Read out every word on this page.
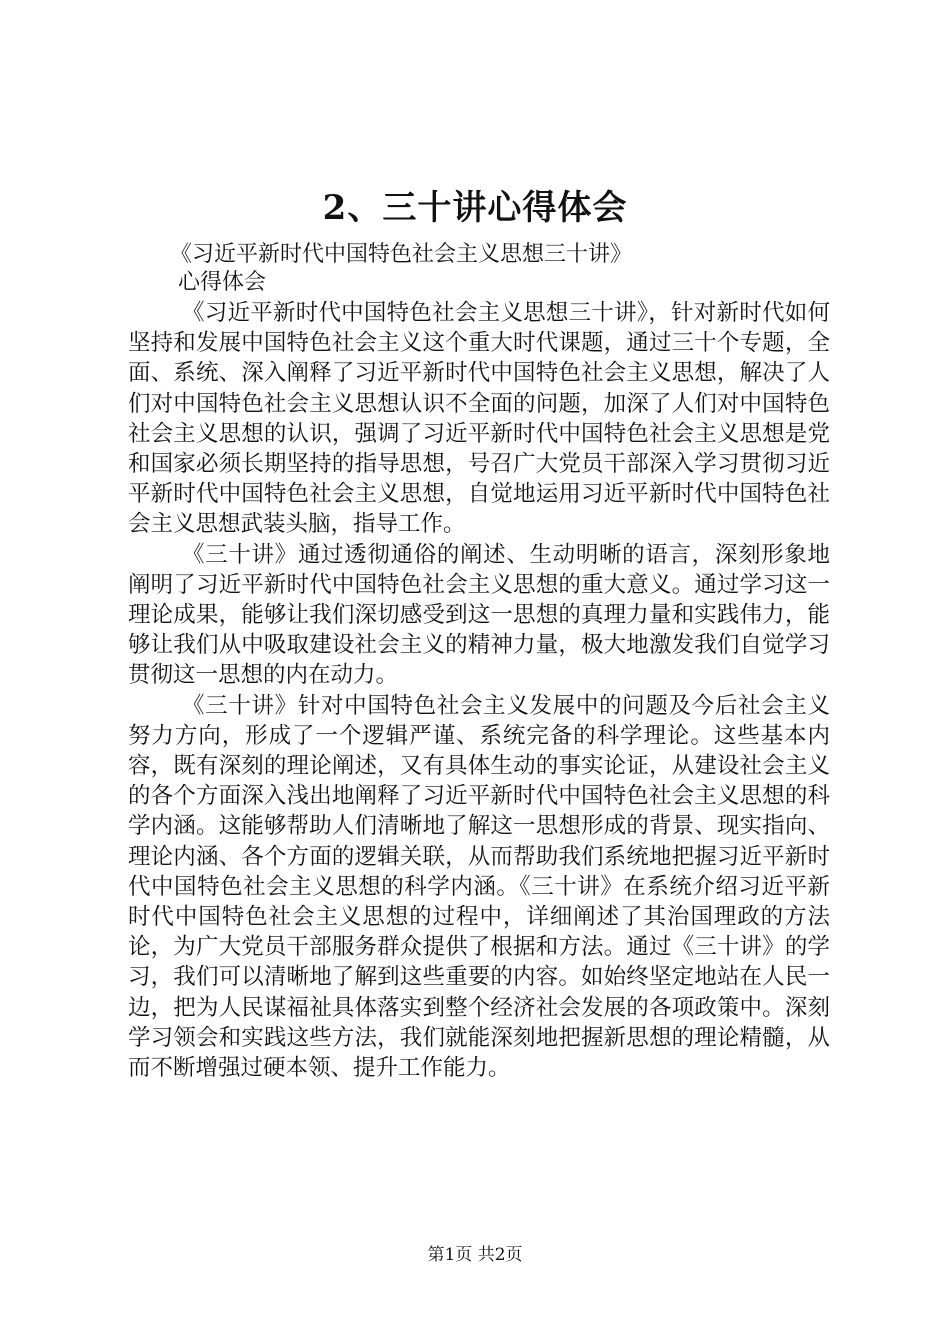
2、三十讲心得体会
《习近平新时代中国特色社会主义思想三十讲》
心得体会

《习近平新时代中国特色社会主义思想三十讲》，针对新时代如何坚持和发展中国特色社会主义这个重大时代课题，通过三十个专题，全面、系统、深入阐释了习近平新时代中国特色社会主义思想，解决了人们对中国特色社会主义思想认识不全面的问题，加深了人们对中国特色社会主义思想的认识，强调了习近平新时代中国特色社会主义思想是党和国家必须长期坚持的指导思想，号召广大党员干部深入学习贯彻习近平新时代中国特色社会主义思想，自觉地运用习近平新时代中国特色社会主义思想武装头脑，指导工作。

《三十讲》通过透彻通俗的阐述、生动明晰的语言，深刻形象地阐明了习近平新时代中国特色社会主义思想的重大意义。通过学习这一理论成果，能够让我们深切感受到这一思想的真理力量和实践伟力，能够让我们从中吸取建设社会主义的精神力量，极大地激发我们自觉学习贯彻这一思想的内在动力。

《三十讲》针对中国特色社会主义发展中的问题及今后社会主义努力方向，形成了一个逻辑严谨、系统完备的科学理论。这些基本内容，既有深刻的理论阐述，又有具体生动的事实论证，从建设社会主义的各个方面深入浅出地阐释了习近平新时代中国特色社会主义思想的科学内涵。这能够帮助人们清晰地了解这一思想形成的背景、现实指向、理论内涵、各个方面的逻辑关联，从而帮助我们系统地把握习近平新时代中国特色社会主义思想的科学内涵。《三十讲》在系统介绍习近平新时代中国特色社会主义思想的过程中，详细阐述了其治国理政的方法论，为广大党员干部服务群众提供了根据和方法。通过《三十讲》的学习，我们可以清晰地了解到这些重要的内容。如始终坚定地站在人民一边，把为人民谋福祉具体落实到整个经济社会发展的各项政策中。深刻学习领会和实践这些方法，我们就能深刻地把握新思想的理论精髓，从而不断增强过硬本领、提升工作能力。

第1页 共2页
